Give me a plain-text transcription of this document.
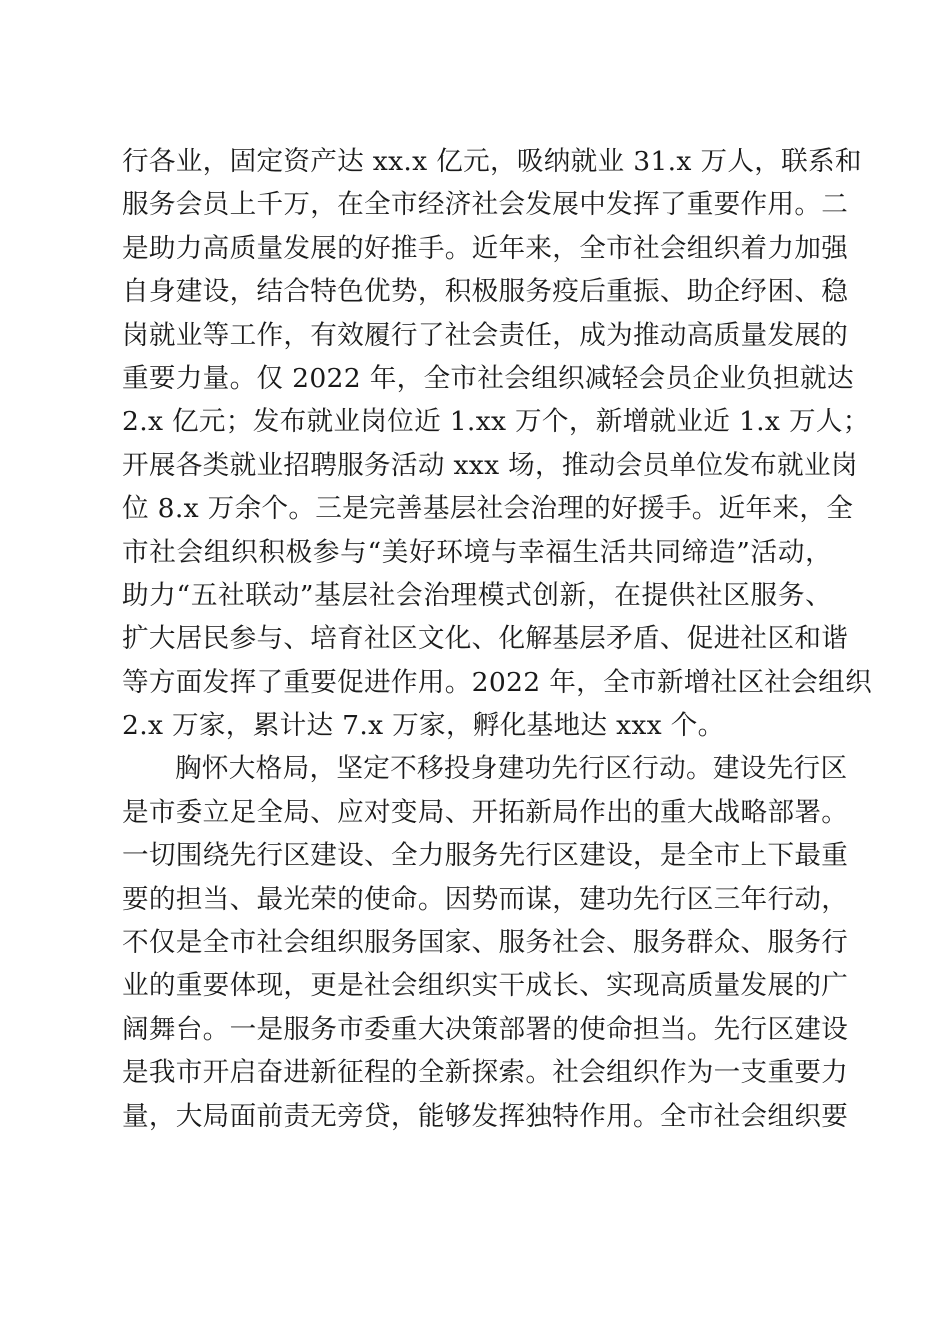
行各业，固定资产达 xx.x 亿元，吸纳就业 31.x 万人，联系和
服务会员上千万，在全市经济社会发展中发挥了重要作用。二
是助力高质量发展的好推手。近年来，全市社会组织着力加强
自身建设，结合特色优势，积极服务疫后重振、助企纾困、稳
岗就业等工作，有效履行了社会责任，成为推动高质量发展的
重要力量。仅 2022 年，全市社会组织减轻会员企业负担就达
2.x 亿元；发布就业岗位近 1.xx 万个，新增就业近 1.x 万人；
开展各类就业招聘服务活动 xxx 场，推动会员单位发布就业岗
位 8.x 万余个。三是完善基层社会治理的好援手。近年来，全
市社会组织积极参与“美好环境与幸福生活共同缔造”活动，
助力“五社联动”基层社会治理模式创新，在提供社区服务、
扩大居民参与、培育社区文化、化解基层矛盾、促进社区和谐
等方面发挥了重要促进作用。2022 年，全市新增社区社会组织
2.x 万家，累计达 7.x 万家，孵化基地达 xxx 个。
胸怀大格局，坚定不移投身建功先行区行动。建设先行区
是市委立足全局、应对变局、开拓新局作出的重大战略部署。
一切围绕先行区建设、全力服务先行区建设，是全市上下最重
要的担当、最光荣的使命。因势而谋，建功先行区三年行动，
不仅是全市社会组织服务国家、服务社会、服务群众、服务行
业的重要体现，更是社会组织实干成长、实现高质量发展的广
阔舞台。一是服务市委重大决策部署的使命担当。先行区建设
是我市开启奋进新征程的全新探索。社会组织作为一支重要力
量，大局面前责无旁贷，能够发挥独特作用。全市社会组织要
